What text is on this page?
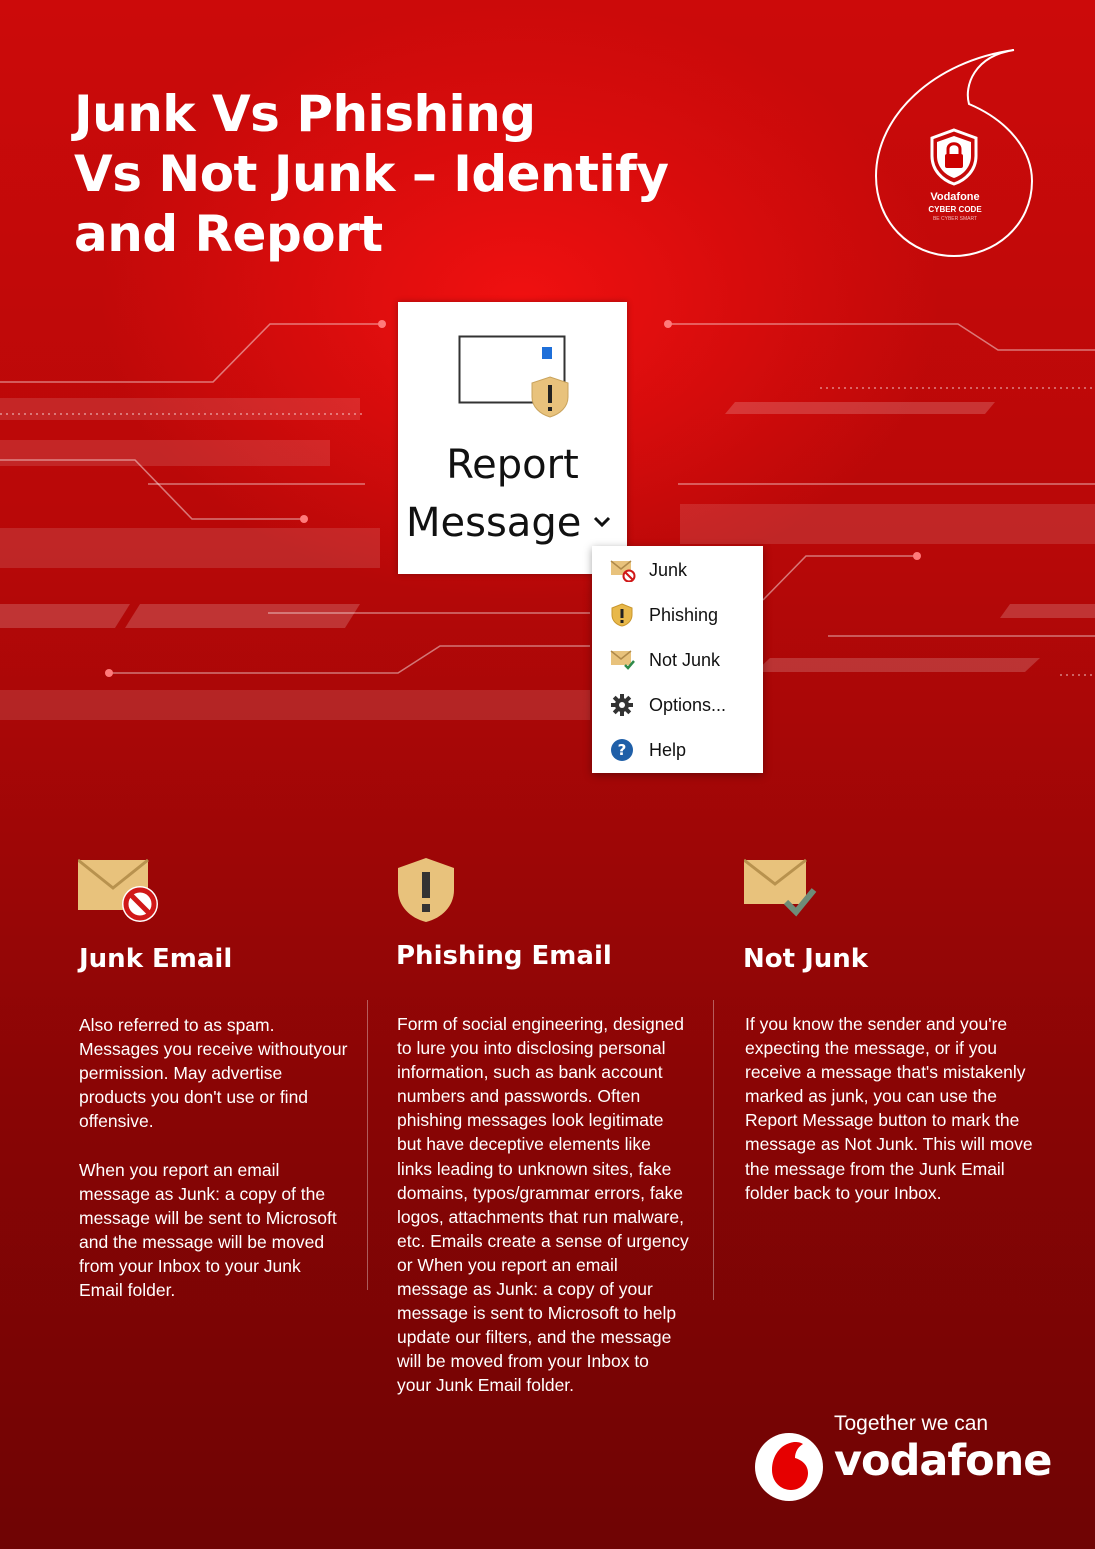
Junk Vs Phishing
Vs Not Junk – Identify
and Report
Vodafone
CYBER CODE
BE CYBER SMART
Report
Message
Junk
Phishing
Not Junk
Options...
? Help
Junk Email
Also referred to as spam.
Messages you receive withoutyour
permission. May advertise
products you don't use or find
offensive.

When you report an email
message as Junk: a copy of the
message will be sent to Microsoft
and the message will be moved
from your Inbox to your Junk
Email folder.
Phishing Email
Form of social engineering, designed
to lure you into disclosing personal
information, such as bank account
numbers and passwords. Often
phishing messages look legitimate
but have deceptive elements like
links leading to unknown sites, fake
domains, typos/grammar errors, fake
logos, attachments that run malware,
etc. Emails create a sense of urgency
or When you report an email
message as Junk: a copy of your
message is sent to Microsoft to help
update our filters, and the message
will be moved from your Inbox to
your Junk Email folder.
Not Junk
If you know the sender and you're
expecting the message, or if you
receive a message that's mistakenly
marked as junk, you can use the
Report Message button to mark the
message as Not Junk. This will move
the message from the Junk Email
folder back to your Inbox.
Together we can
vodafone
